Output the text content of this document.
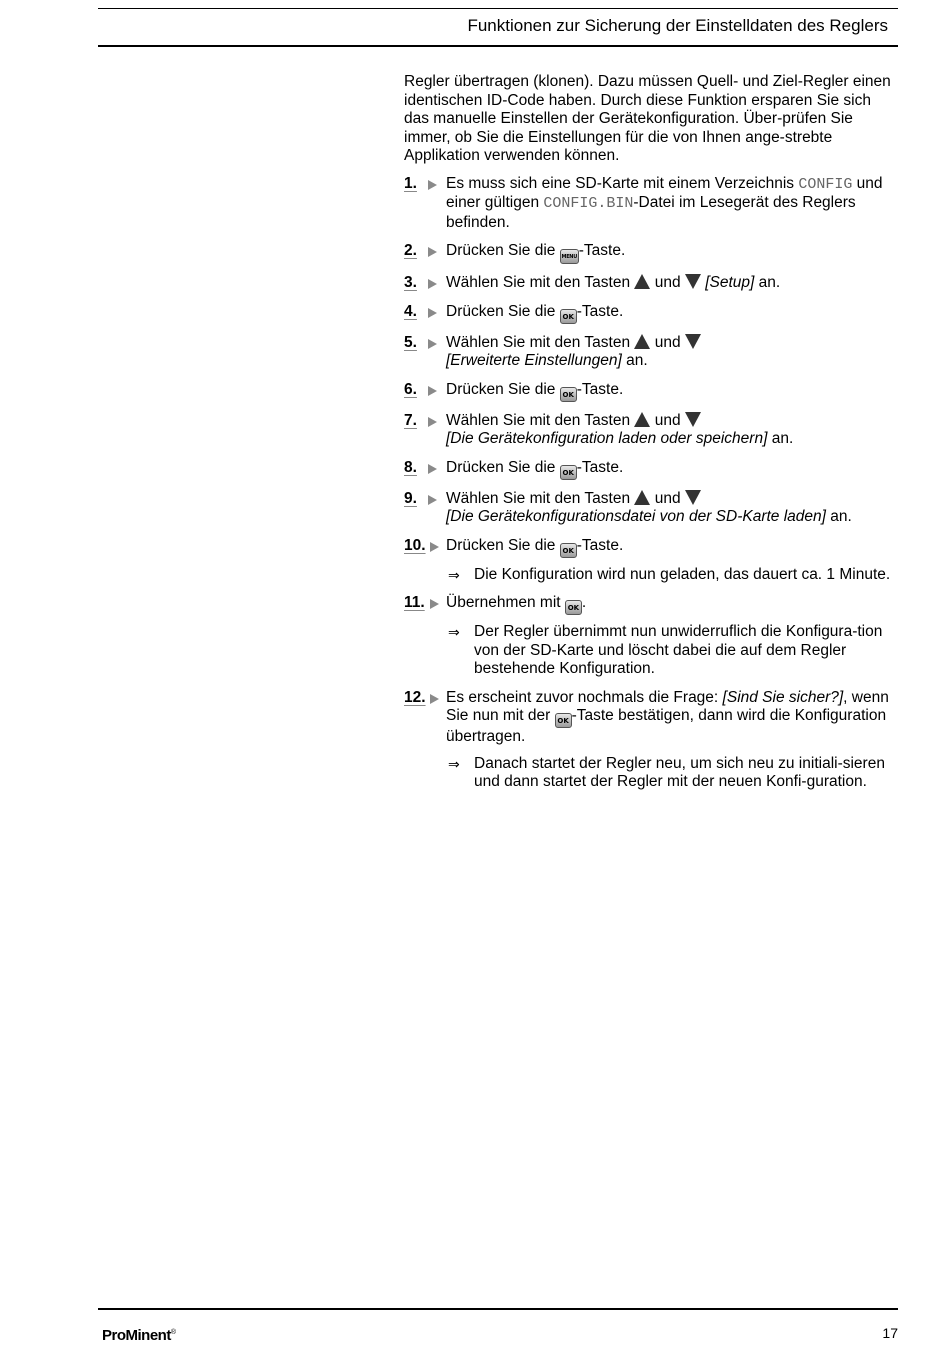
Funktionen zur Sicherung der Einstelldaten des Reglers

Regler übertragen (klonen). Dazu müssen Quell- und Ziel-Regler einen identischen ID-Code haben. Durch diese Funktion ersparen Sie sich das manuelle Einstellen der Gerätekonfiguration. Über-prüfen Sie immer, ob Sie die Einstellungen für die von Ihnen ange-strebte Applikation verwenden können.

1. Es muss sich eine SD-Karte mit einem Verzeichnis CONFIG und einer gültigen CONFIG.BIN-Datei im Lesegerät des Reglers befinden.
2. Drücken Sie die MENU -Taste.
3. Wählen Sie mit den Tasten  und [Setup] an.
4. Drücken Sie die OK -Taste.
5. Wählen Sie mit den Tasten  und
[Erweiterte Einstellungen] an.
6. Drücken Sie die OK -Taste.
7. Wählen Sie mit den Tasten  und
[Die Gerätekonfiguration laden oder speichern] an.
8. Drücken Sie die OK -Taste.
9. Wählen Sie mit den Tasten  und
[Die Gerätekonfigurationsdatei von der SD-Karte laden] an.
10. Drücken Sie die OK -Taste.
⇒ Die Konfiguration wird nun geladen, das dauert ca. 1 Minute.
11. Übernehmen mit OK .
⇒ Der Regler übernimmt nun unwiderruflich die Konfigura-tion von der SD-Karte und löscht dabei die auf dem Regler bestehende Konfiguration.
12. Es erscheint zuvor nochmals die Frage: [Sind Sie sicher?], wenn Sie nun mit der OK -Taste bestätigen, dann wird die Konfiguration übertragen.
⇒ Danach startet der Regler neu, um sich neu zu initiali-sieren und dann startet der Regler mit der neuen Konfi-guration.
ProMinent®	17
